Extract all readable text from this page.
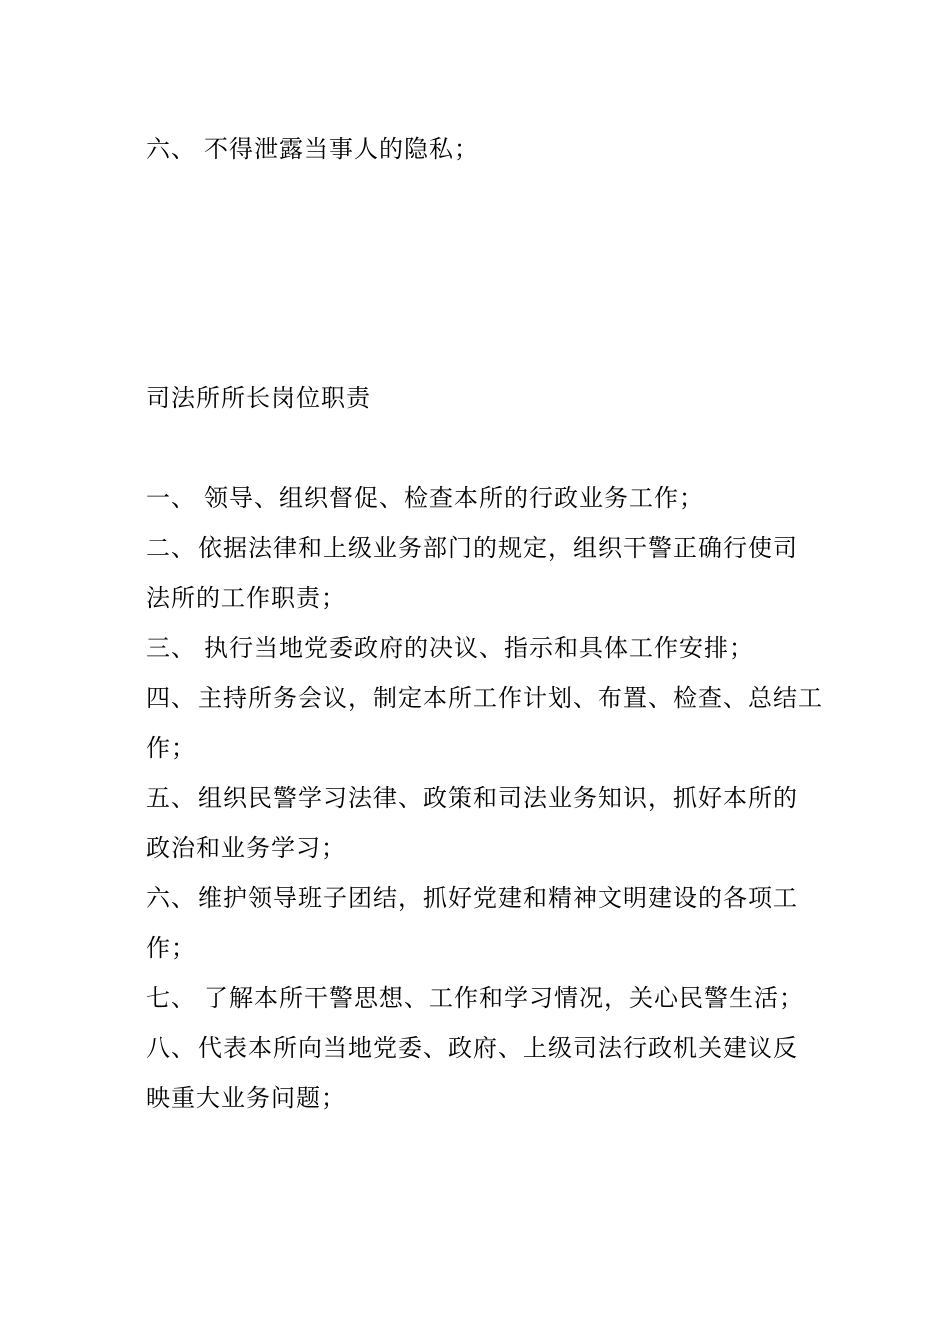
六、 不得泄露当事人的隐私；
司法所所长岗位职责
一、 领导、组织督促、检查本所的行政业务工作；
二、依据法律和上级业务部门的规定，组织干警正确行使司
法所的工作职责；
三、 执行当地党委政府的决议、指示和具体工作安排；
四、主持所务会议，制定本所工作计划、布置、检查、总结工
作；
五、组织民警学习法律、政策和司法业务知识，抓好本所的
政治和业务学习；
六、维护领导班子团结，抓好党建和精神文明建设的各项工
作；
七、 了解本所干警思想、工作和学习情况，关心民警生活；
八、代表本所向当地党委、政府、上级司法行政机关建议反
映重大业务问题；
